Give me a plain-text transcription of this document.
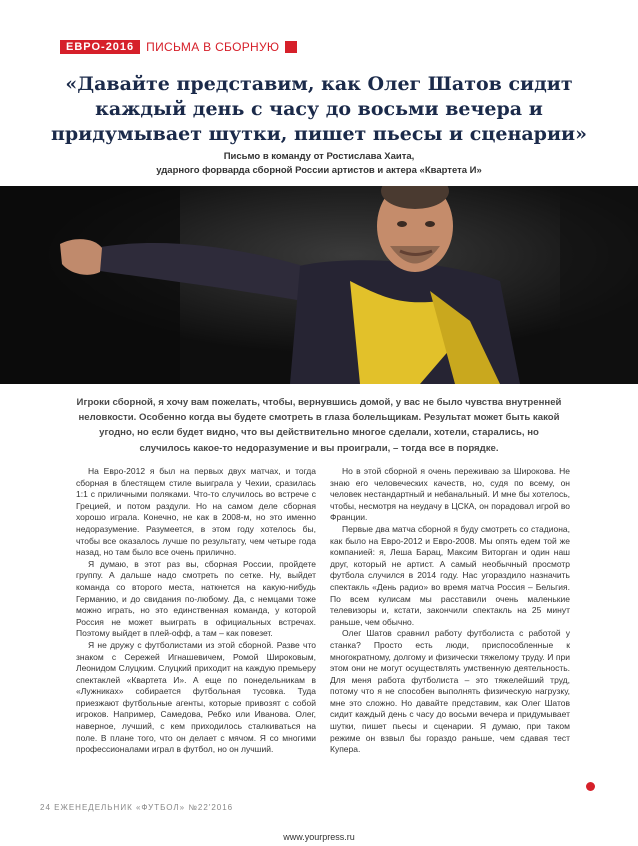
ЕВРО-2016	ПИСЬМА В СБОРНУЮ
«Давайте представим, как Олег Шатов сидит каждый день с часу до восьми вечера и придумывает шутки, пишет пьесы и сценарии»
Письмо в команду от Ростислава Хаита,
ударного форварда сборной России артистов и актера «Квартета И»
Игроки сборной, я хочу вам пожелать, чтобы, вернувшись домой, у вас не было чувства внутренней неловкости. Особенно когда вы будете смотреть в глаза болельщикам. Результат может быть какой угодно, но если будет видно, что вы действительно многое сделали, хотели, старались, но случилось какое-то недоразумение и вы проиграли, – тогда все в порядке.

На Евро-2012 я был на первых двух матчах, и тогда сборная в блестящем стиле выиграла у Чехии, сразилась 1:1 с приличными поляками. Что-то случилось во встрече с Грецией, и потом раздули. Но на самом деле сборная хорошо играла. Конечно, не как в 2008-м, но это именно недоразумение. Разумеется, в этом году хотелось бы, чтобы все оказалось лучше по результату, чем четыре года назад, но там было все очень прилично.

Я думаю, в этот раз вы, сборная России, пройдете группу. А дальше надо смотреть по сетке. Ну, выйдет команда со второго места, наткнется на какую-нибудь Германию, и до свидания по-любому. Да, с немцами тоже можно играть, но это единственная команда, у которой Россия не может выиграть в официальных встречах. Поэтому выйдет в плей-офф, а там – как повезет.

Я не дружу с футболистами из этой сборной. Разве что знаком с Сережей Игнашевичем, Ромой Широковым, Леонидом Слуцким. Слуцкий приходит на каждую премьеру спектаклей «Квартета И». А еще по понедельникам в «Лужниках» собирается футбольная тусовка. Туда приезжают футбольные агенты, которые привозят с собой игроков. Например, Самедова, Ребко или Иванова. Олег, наверное, лучший, с кем приходилось сталкиваться на поле. В плане того, что он делает с мячом. Я со многими профессионалами играл в футбол, но он лучший.

Но в этой сборной я очень переживаю за Широкова. Не знаю его человеческих качеств, но, судя по всему, он человек нестандартный и небанальный. И мне бы хотелось, чтобы, несмотря на неудачу в ЦСКА, он порадовал игрой во Франции.

Первые два матча сборной я буду смотреть со стадиона, как было на Евро-2012 и Евро-2008. Мы опять едем той же компанией: я, Леша Барац, Максим Виторган и один наш друг, который не артист. А самый необычный просмотр футбола случился в 2014 году. Нас угораздило назначить спектакль «День радио» во время матча Россия – Бельгия. По всем кулисам мы расставили очень маленькие телевизоры и, кстати, закончили спектакль на 25 минут раньше, чем обычно.

Олег Шатов сравнил работу футболиста с работой у станка? Просто есть люди, приспособленные к многократному, долгому и физически тяжелому труду. И при этом они не могут осуществлять умственную деятельность. Для меня работа футболиста – это тяжелейший труд, потому что я не способен выполнять физическую нагрузку, мне это сложно. Но давайте представим, как Олег Шатов сидит каждый день с часу до восьми вечера и придумывает шутки, пишет пьесы и сценарии. Я думаю, при таком режиме он взвыл бы гораздо раньше, чем сдавая тест Купера.

24 ЕЖЕНЕДЕЛЬНИК «ФУТБОЛ» №22'2016
www.yourpress.ru
